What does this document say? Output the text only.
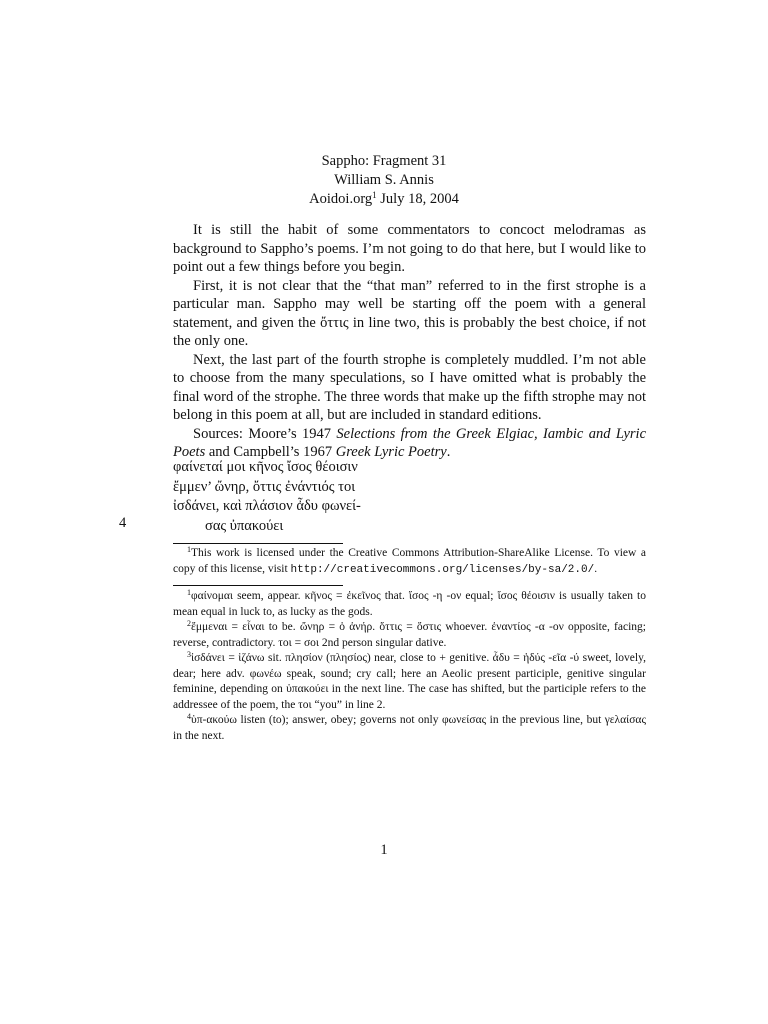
Sappho: Fragment 31
William S. Annis
Aoidoi.org$^1$ July 18, 2004

It is still the habit of some commentators to concoct melodramas as background to Sappho’s poems. I’m not going to do that here, but I would like to point out a few things before you begin.

First, it is not clear that the “that man” referred to in the first strophe is a particular man. Sappho may well be starting off the poem with a general statement, and given the ὄττις in line two, this is probably the best choice, if not the only one.

Next, the last part of the fourth strophe is completely muddled. I’m not able to choose from the many speculations, so I have omitted what is probably the final word of the strophe. The three words that make up the fifth strophe may not belong in this poem at all, but are included in standard editions.

Sources: Moore’s 1947 Selections from the Greek Elgiac, Iambic and Lyric Poets and Campbell’s 1967 Greek Lyric Poetry.

φαίνεταί μοι κῆνος ἴσος θέοισιν
ἔμμεν’ ὤνηρ, ὄττις ἐνάντιός τοι
ἰσδάνει, καὶ πλάσιον ἆδυ φωνεί-
σας ὐπακούει
4

$^1$This work is licensed under the Creative Commons Attribution-ShareAlike License. To view a copy of this license, visit http://creativecommons.org/licenses/by-sa/2.0/.

$^1$φαίνομαι seem, appear. κῆνος = ἐκεῖνος that. ἴσος -η -ον equal; ἴσος θέοισιν is usually taken to mean equal in luck to, as lucky as the gods.

$^2$ἔμμεναι = εἶναι to be. ὤνηρ = ὁ ἀνήρ. ὄττις = ὅστις whoever. ἐναντίος -α -ον opposite, facing; reverse, contradictory. τοι = σοι 2nd person singular dative.

$^3$ἰσδάνει = ἱζάνω sit. πλησίον (πλησίος) near, close to + genitive. ἆδυ = ἡδύς -εῖα -ύ sweet, lovely, dear; here adv. φωνέω speak, sound; cry call; here an Aeolic present participle, genitive singular feminine, depending on ὐπακούει in the next line. The case has shifted, but the participle refers to the addressee of the poem, the τοι “you” in line 2.

$^4$ὑπ-ακούω listen (to); answer, obey; governs not only φωνείσας in the previous line, but γελαίσας in the next.

1
